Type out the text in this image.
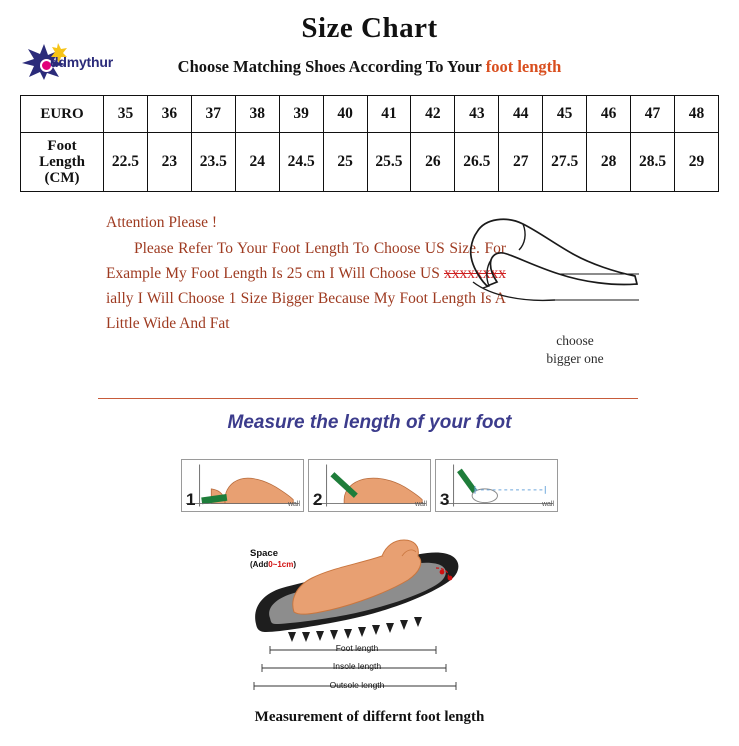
Size Chart
ddmythur	Choose Matching Shoes According To Your foot length
EURO	35	36	37	38	39	40	41	42	43	44	45	46	47	48

Foot
Length
(CM)	22.5	23	23.5	24	24.5	25	25.5	26	26.5	27	27.5	28	28.5	29
Attention Please !
Please Refer To Your Foot Length To Choose US Size. For Example My Foot Length Is 25 cm I Will Choose US xxxxxxxx ially I Will Choose 1 Size Bigger Because My Foot Length Is A Little Wide And Fat
choose
bigger one
Measure the length of your foot
1	wall 2	wall 3	wall
Space
(Add0~1cm)
Foot length
Insole length
Outsole length
Measurement of differnt foot length
